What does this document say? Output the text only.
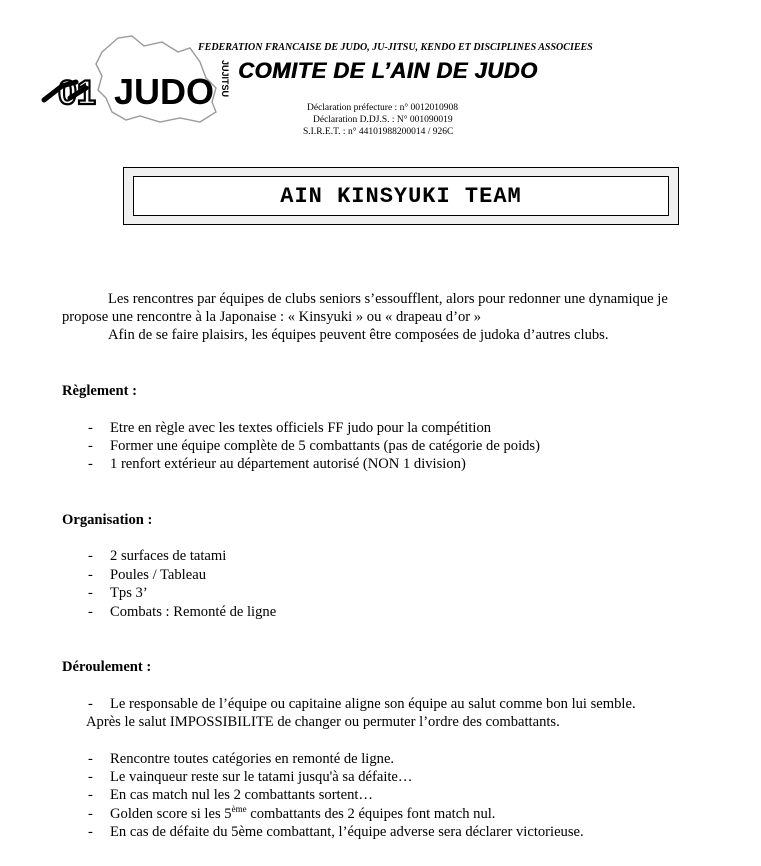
01 JUDO JUJITSU
FEDERATION FRANCAISE DE JUDO, JU-JITSU, KENDO ET DISCIPLINES ASSOCIEES
COMITE DE L’AIN DE JUDO
Déclaration préfecture : n° 0012010908
Déclaration D.DJ.S. : N° 001090019
S.I.R.E.T. : n° 44101988200014 / 926C
AIN KINSYUKI TEAM
Les rencontres par équipes de clubs seniors s’essoufflent, alors pour redonner une dynamique je
propose une rencontre à la Japonaise : « Kinsyuki » ou « drapeau d’or »
Afin de se faire plaisirs, les équipes peuvent être composées de judoka d’autres clubs.
Règlement :
- Etre en règle avec les textes officiels FF judo pour la compétition
- Former une équipe complète de 5 combattants (pas de catégorie de poids)
- 1 renfort extérieur au département autorisé (NON 1 division)
Organisation :
- 2 surfaces de tatami
- Poules / Tableau
- Tps 3’
- Combats : Remonté de ligne
Déroulement :
- Le responsable de l’équipe ou capitaine aligne son équipe au salut comme bon lui semble.
Après le salut IMPOSSIBILITE de changer ou permuter l’ordre des combattants.
- Rencontre toutes catégories en remonté de ligne.
- Le vainqueur reste sur le tatami jusqu'à sa défaite…
- En cas match nul les 2 combattants sortent…
- Golden score si les 5ème combattants des 2 équipes font match nul.
- En cas de défaite du 5ème combattant, l’équipe adverse sera déclarer victorieuse.
